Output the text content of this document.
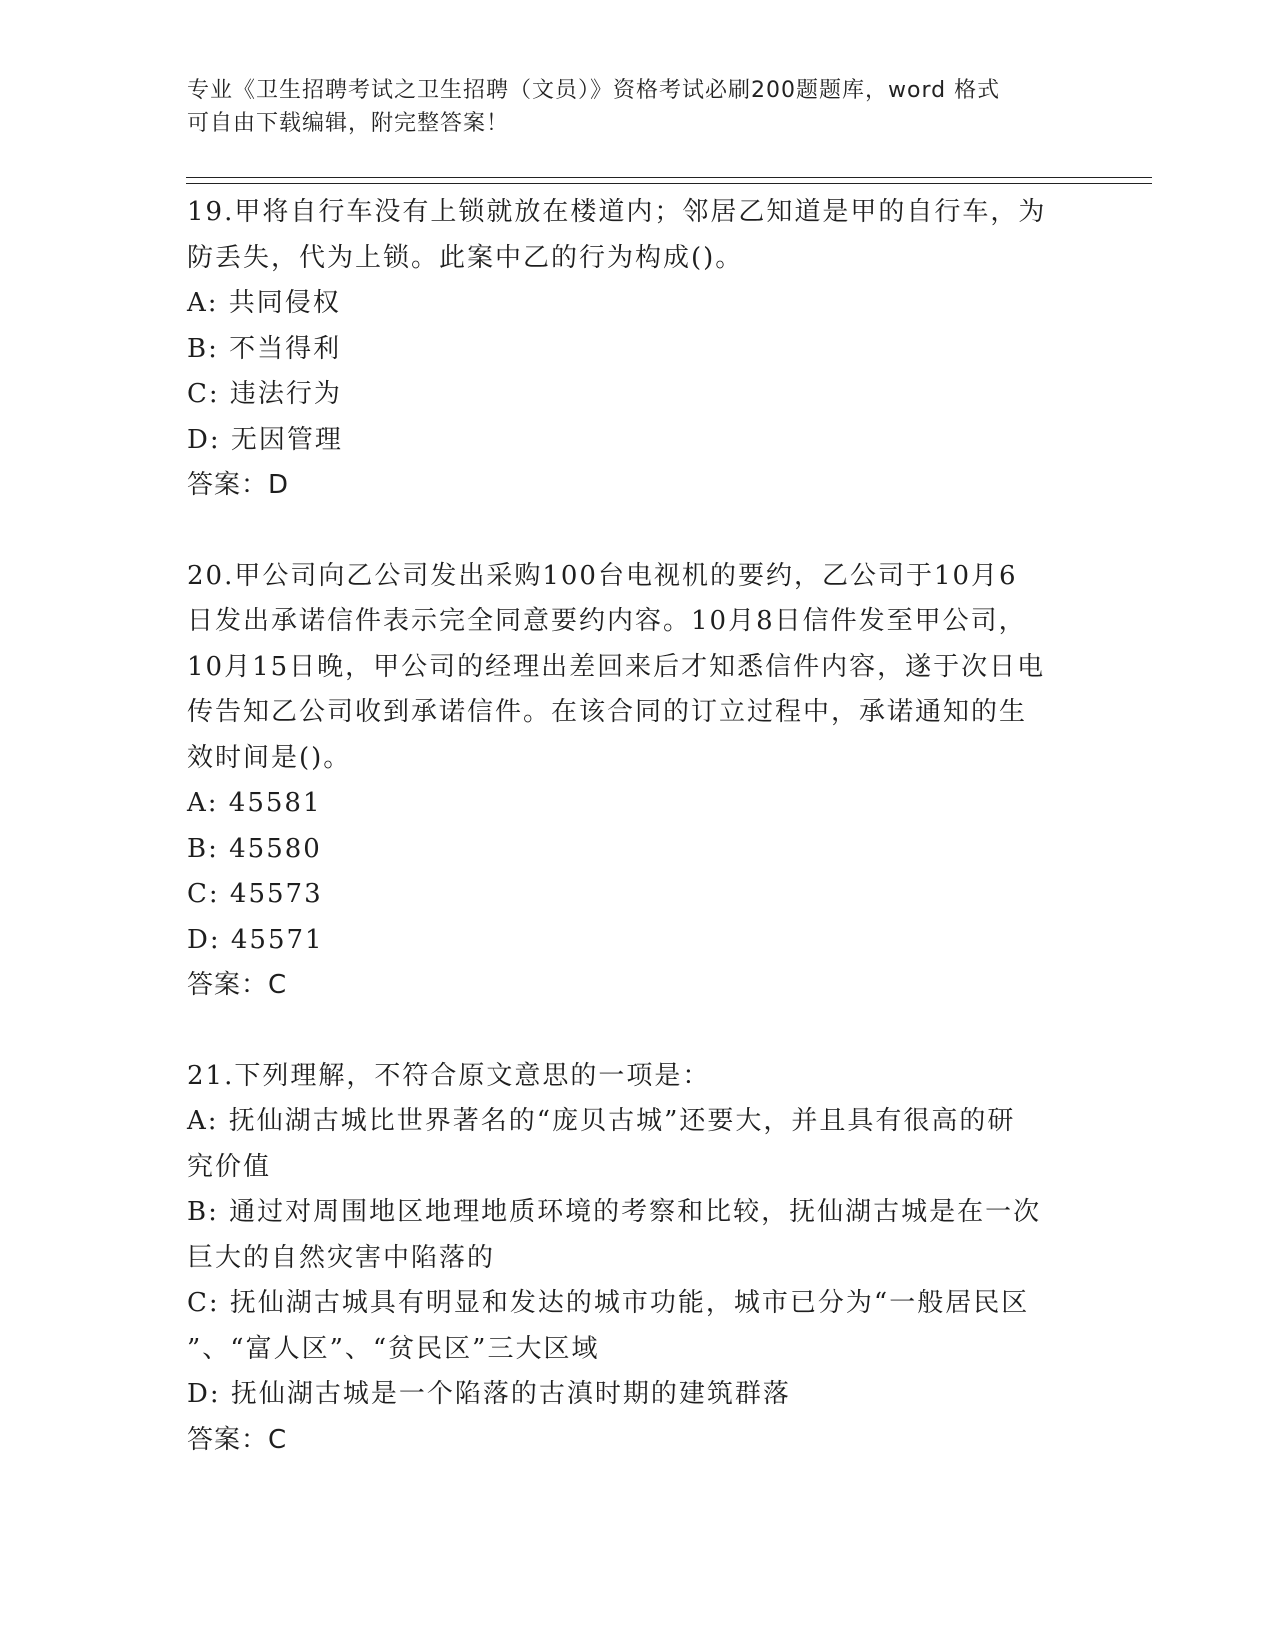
专业《卫生招聘考试之卫生招聘（文员）》资格考试必刷200题题库，word 格式
可自由下载编辑，附完整答案！
19.甲将自行车没有上锁就放在楼道内；邻居乙知道是甲的自行车，为
防丢失，代为上锁。此案中乙的行为构成()。
A: 共同侵权
B: 不当得利
C: 违法行为
D: 无因管理
答案：D
20.甲公司向乙公司发出采购100台电视机的要约，乙公司于10月6
日发出承诺信件表示完全同意要约内容。10月8日信件发至甲公司，
10月15日晚，甲公司的经理出差回来后才知悉信件内容，遂于次日电
传告知乙公司收到承诺信件。在该合同的订立过程中，承诺通知的生
效时间是()。
A: 45581
B: 45580
C: 45573
D: 45571
答案：C
21.下列理解，不符合原文意思的一项是：
A: 抚仙湖古城比世界著名的“庞贝古城”还要大，并且具有很高的研
究价值
B: 通过对周围地区地理地质环境的考察和比较，抚仙湖古城是在一次
巨大的自然灾害中陷落的
C: 抚仙湖古城具有明显和发达的城市功能，城市已分为“一般居民区
”、“富人区”、“贫民区”三大区域
D: 抚仙湖古城是一个陷落的古滇时期的建筑群落
答案：C
